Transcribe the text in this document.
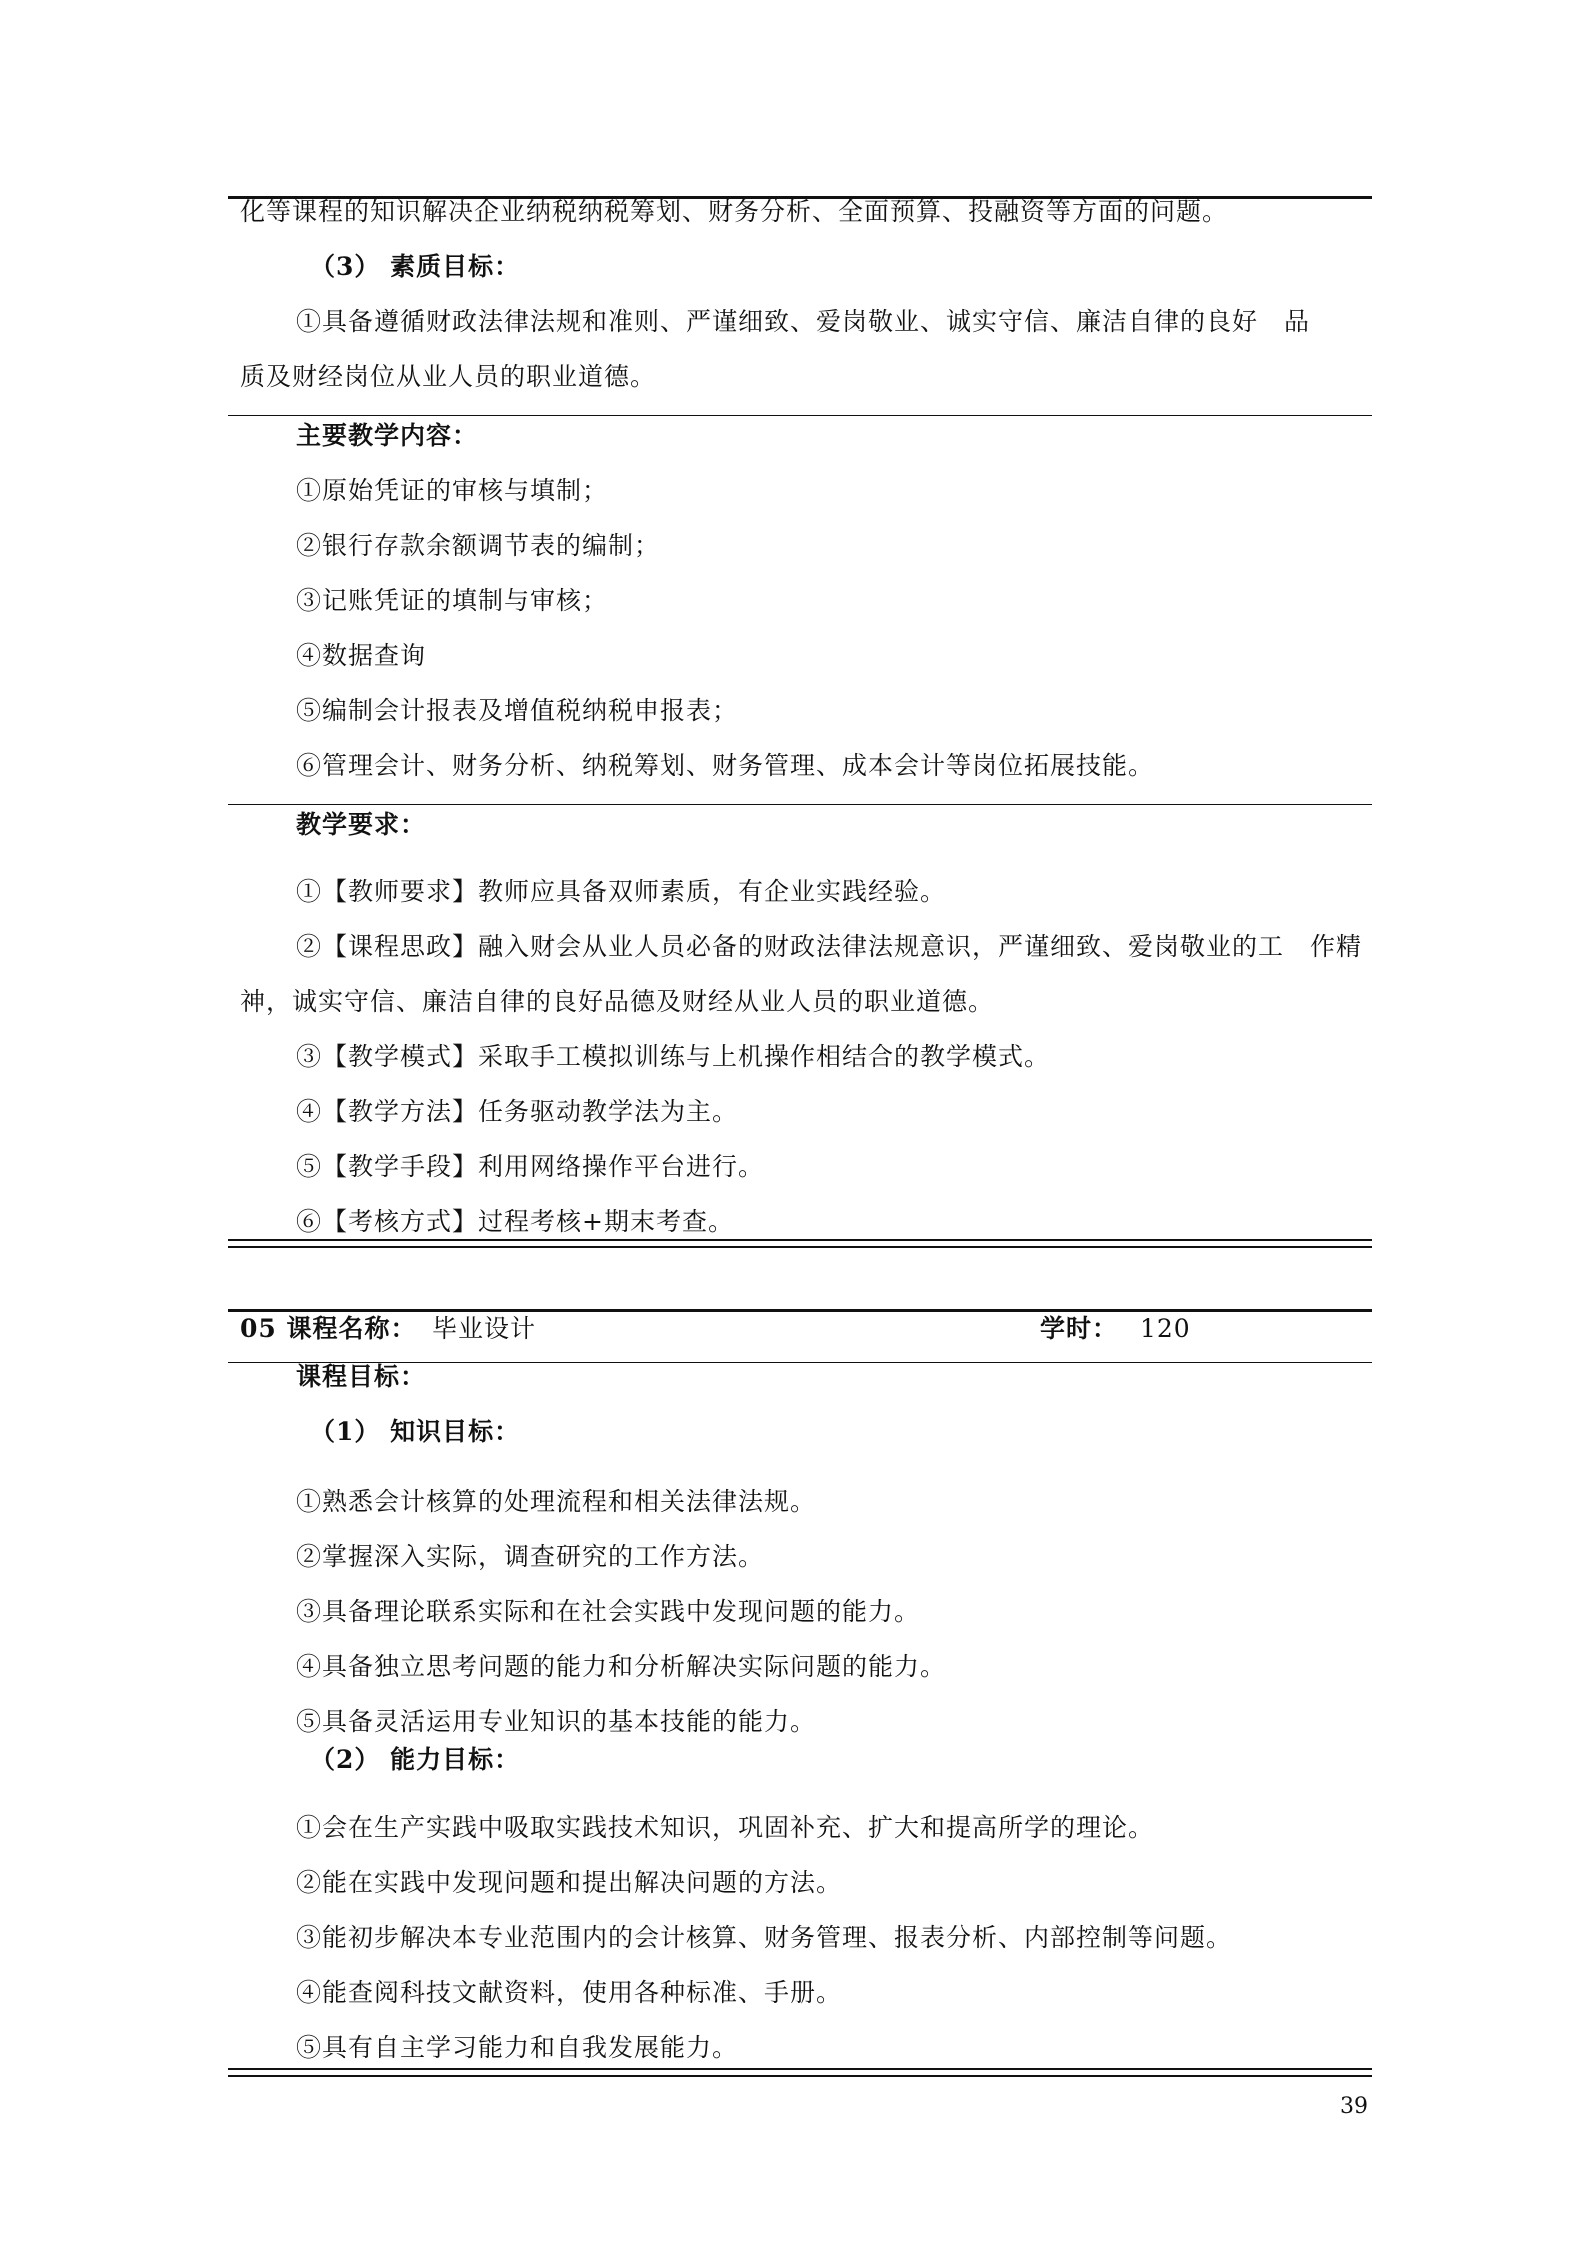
化等课程的知识解决企业纳税纳税筹划、财务分析、全面预算、投融资等方面的问题。
（3） 素质目标：
①具备遵循财政法律法规和准则、严谨细致、爱岗敬业、诚实守信、廉洁自律的良好　品
质及财经岗位从业人员的职业道德。
主要教学内容：
①原始凭证的审核与填制；
②银行存款余额调节表的编制；
③记账凭证的填制与审核；
④数据查询
⑤编制会计报表及增值税纳税申报表；
⑥管理会计、财务分析、纳税筹划、财务管理、成本会计等岗位拓展技能。
教学要求：
①【教师要求】教师应具备双师素质，有企业实践经验。
②【课程思政】融入财会从业人员必备的财政法律法规意识，严谨细致、爱岗敬业的工　作精
神，诚实守信、廉洁自律的良好品德及财经从业人员的职业道德。
③【教学模式】采取手工模拟训练与上机操作相结合的教学模式。
④【教学方法】任务驱动教学法为主。
⑤【教学手段】利用网络操作平台进行。
⑥【考核方式】过程考核+期末考查。
05 课程名称： 毕业设计	学时： 120
课程目标：
（1） 知识目标：
①熟悉会计核算的处理流程和相关法律法规。
②掌握深入实际，调查研究的工作方法。
③具备理论联系实际和在社会实践中发现问题的能力。
④具备独立思考问题的能力和分析解决实际问题的能力。
⑤具备灵活运用专业知识的基本技能的能力。
（2） 能力目标：
①会在生产实践中吸取实践技术知识，巩固补充、扩大和提高所学的理论。
②能在实践中发现问题和提出解决问题的方法。
③能初步解决本专业范围内的会计核算、财务管理、报表分析、内部控制等问题。
④能查阅科技文献资料，使用各种标准、手册。
⑤具有自主学习能力和自我发展能力。
39
